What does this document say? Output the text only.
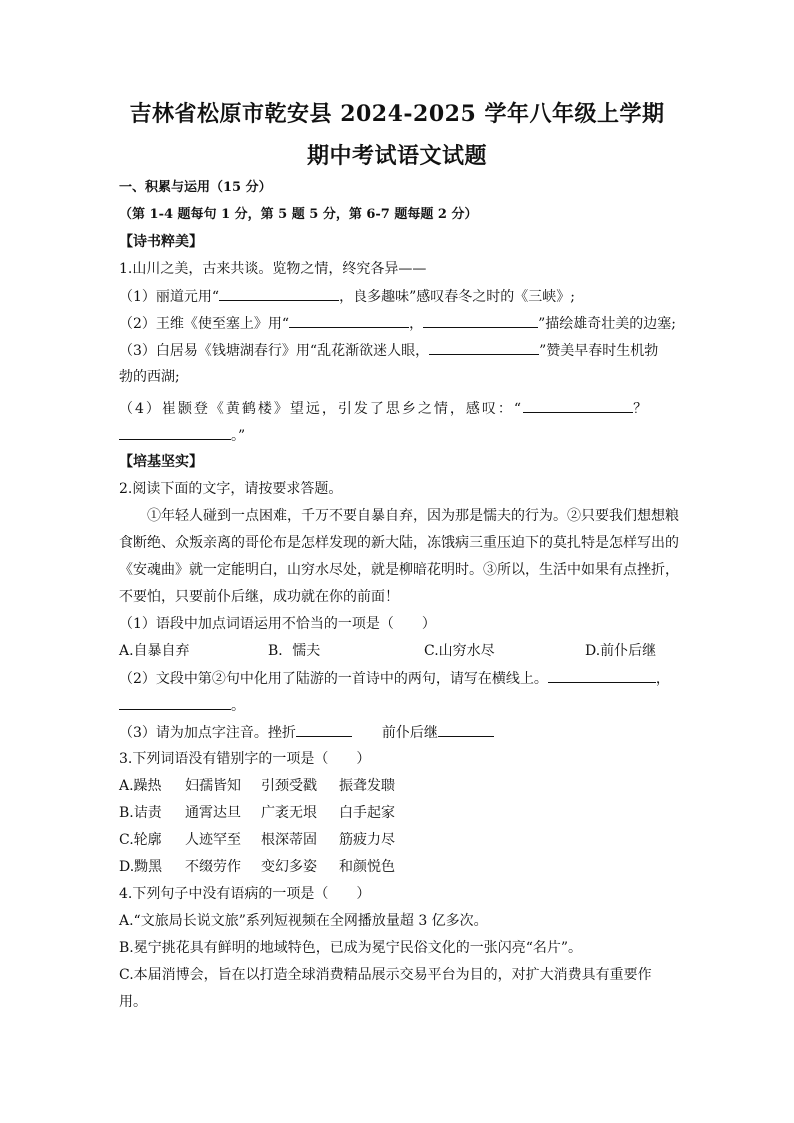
吉林省松原市乾安县 2024-2025 学年八年级上学期
期中考试语文试题
一、积累与运用（15 分）
（第 1-4 题每句 1 分，第 5 题 5 分，第 6-7 题每题 2 分）
【诗书粹美】
1.山川之美，古来共谈。览物之情，终究各异——
（1）丽道元用“	，良多趣味”感叹春冬之时的《三峡》;
（2）王维《使至塞上》用“	，	”描绘雄奇壮美的边塞;
（3）白居易《钱塘湖春行》用“乱花渐欲迷人眼，	”赞美早春时生机勃
勃的西湖;
（4）崔颢登《黄鹤楼》望远，引发了思乡之情，感叹：“	？
。”
【培基坚实】
2.阅读下面的文字，请按要求答题。
①年轻人碰到一点困难，千万不要自暴自弃，因为那是懦夫的行为。②只要我们想想粮
食断绝、众叛亲离的哥伦布是怎样发现的新大陆，冻饿病三重压迫下的莫扎特是怎样写出的
《安魂曲》就一定能明白，山穷水尽处，就是柳暗花明时。③所以，生活中如果有点挫折，
不要怕，只要前仆后继，成功就在你的前面！
（1）语段中加点词语运用不恰当的一项是（　　）
A.自暴自弃	B．懦夫	C.山穷水尽	D.前仆后继
（2）文段中第②句中化用了陆游的一首诗中的两句，请写在横线上。	，
。
（3）请为加点字注音。挫折	前仆后继
3.下列词语没有错别字的一项是（　　）
A.躁热 妇孺皆知 引颈受戳 振聋发聩
B.诘责 通霄达旦 广袤无垠 白手起家
C.轮廓 人迹罕至 根深蒂固 筋疲力尽
D.黝黑 不缀劳作 变幻多姿 和颜悦色
4.下列句子中没有语病的一项是（　　）
A.“文旅局长说文旅”系列短视频在全网播放量超 3 亿多次。
B.冕宁挑花具有鲜明的地域特色，已成为冕宁民俗文化的一张闪亮“名片”。
C.本届消博会，旨在以打造全球消费精品展示交易平台为目的，对扩大消费具有重要作
用。
